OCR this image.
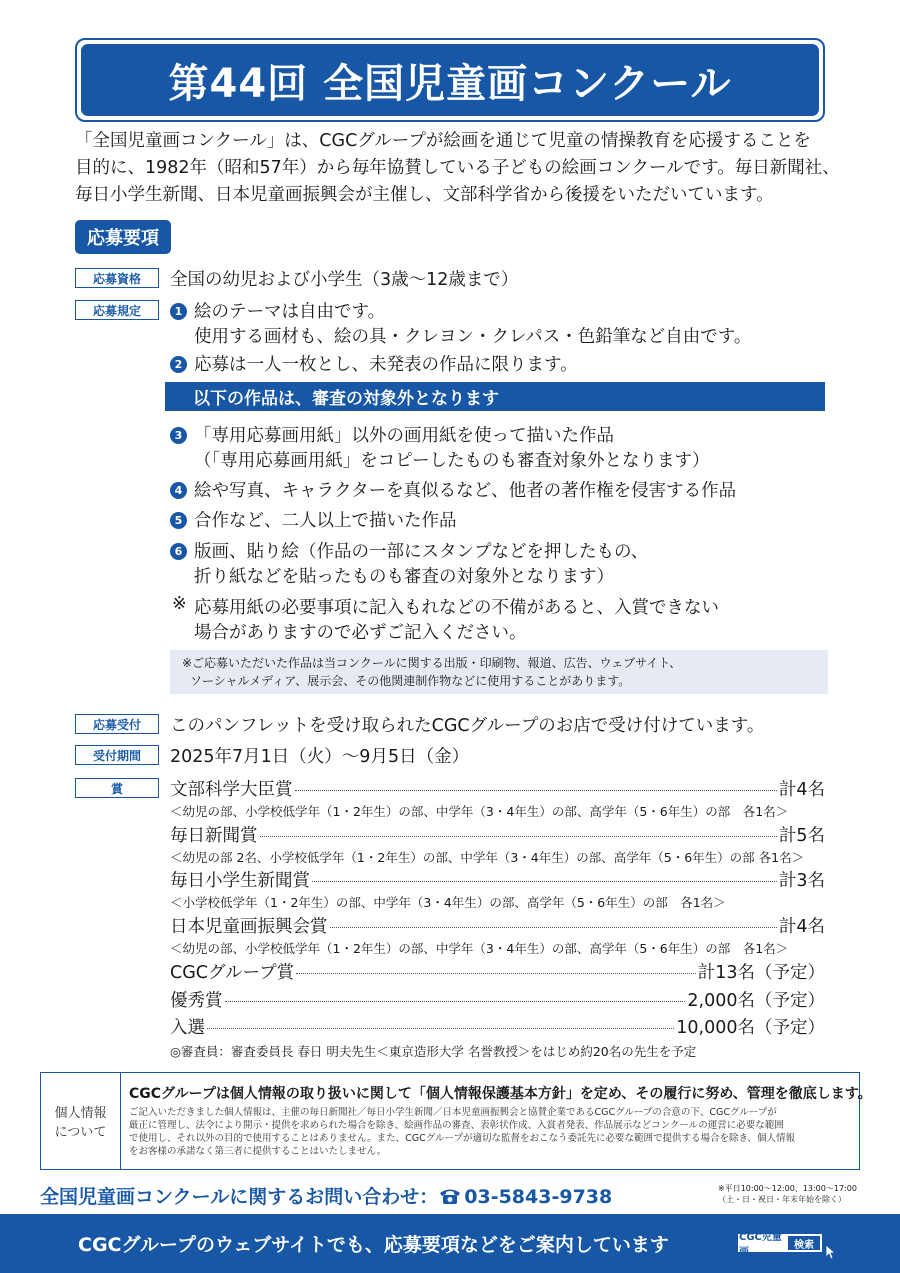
第44回 全国児童画コンクール
「全国児童画コンクール」は、CGCグループが絵画を通じて児童の情操教育を応援することを
目的に、1982年（昭和57年）から毎年協賛している子どもの絵画コンクールです。毎日新聞社、
毎日小学生新聞、日本児童画振興会が主催し、文部科学省から後援をいただいています。
応募要項
応募資格	全国の幼児および小学生（3歳〜12歳まで）
応募規定	1 絵のテーマは自由です。
使用する画材も、絵の具・クレヨン・クレパス・色鉛筆など自由です。
2 応募は一人一枚とし、未発表の作品に限ります。
以下の作品は、審査の対象外となります
3 「専用応募画用紙」以外の画用紙を使って描いた作品
（「専用応募画用紙」をコピーしたものも審査対象外となります）
4 絵や写真、キャラクターを真似るなど、他者の著作権を侵害する作品
5 合作など、二人以上で描いた作品
6 版画、貼り絵（作品の一部にスタンプなどを押したもの、
折り紙などを貼ったものも審査の対象外となります）
※ 応募用紙の必要事項に記入もれなどの不備があると、入賞できない
場合がありますので必ずご記入ください。
※ご応募いただいた作品は当コンクールに関する出版・印刷物、報道、広告、ウェブサイト、
ソーシャルメディア、展示会、その他関連制作物などに使用することがあります。
応募受付	このパンフレットを受け取られたCGCグループのお店で受け付けています。
受付期間	2025年7月1日（火）〜9月5日（金）
賞	文部科学大臣賞	計4名
＜幼児の部、小学校低学年（1・2年生）の部、中学年（3・4年生）の部、高学年（5・6年生）の部　各1名＞
毎日新聞賞	計5名
＜幼児の部 2名、小学校低学年（1・2年生）の部、中学年（3・4年生）の部、高学年（5・6年生）の部 各1名＞
毎日小学生新聞賞	計3名
＜小学校低学年（1・2年生）の部、中学年（3・4年生）の部、高学年（5・6年生）の部　各1名＞
日本児童画振興会賞	計4名
＜幼児の部、小学校低学年（1・2年生）の部、中学年（3・4年生）の部、高学年（5・6年生）の部　各1名＞
CGCグループ賞	計13名（予定）
優秀賞	2,000名（予定）
入選	10,000名（予定）
◎審査員：審査委員長 春日 明夫先生＜東京造形大学 名誉教授＞をはじめ約20名の先生を予定
個人情報
について
CGCグループは個人情報の取り扱いに関して「個人情報保護基本方針」を定め、その履行に努め、管理を徹底します。
ご記入いただきました個人情報は、主催の毎日新聞社／毎日小学生新聞／日本児童画振興会と協賛企業であるCGCグループの合意の下、CGCグループが
厳正に管理し、法令により開示・提供を求められた場合を除き、絵画作品の審査、表彰状作成、入賞者発表、作品展示などコンクールの運営に必要な範囲
で使用し、それ以外の目的で使用することはありません。また、CGCグループが適切な監督をおこなう委託先に必要な範囲で提供する場合を除き、個人情報
をお客様の承諾なく第三者に提供することはいたしません。
全国児童画コンクールに関するお問い合わせ： 03-5843-9738	※平日10:00〜12:00、13:00〜17:00
（土・日・祝日・年末年始を除く）
CGCグループのウェブサイトでも、応募要項などをご案内しています	CGC児童画
検索
